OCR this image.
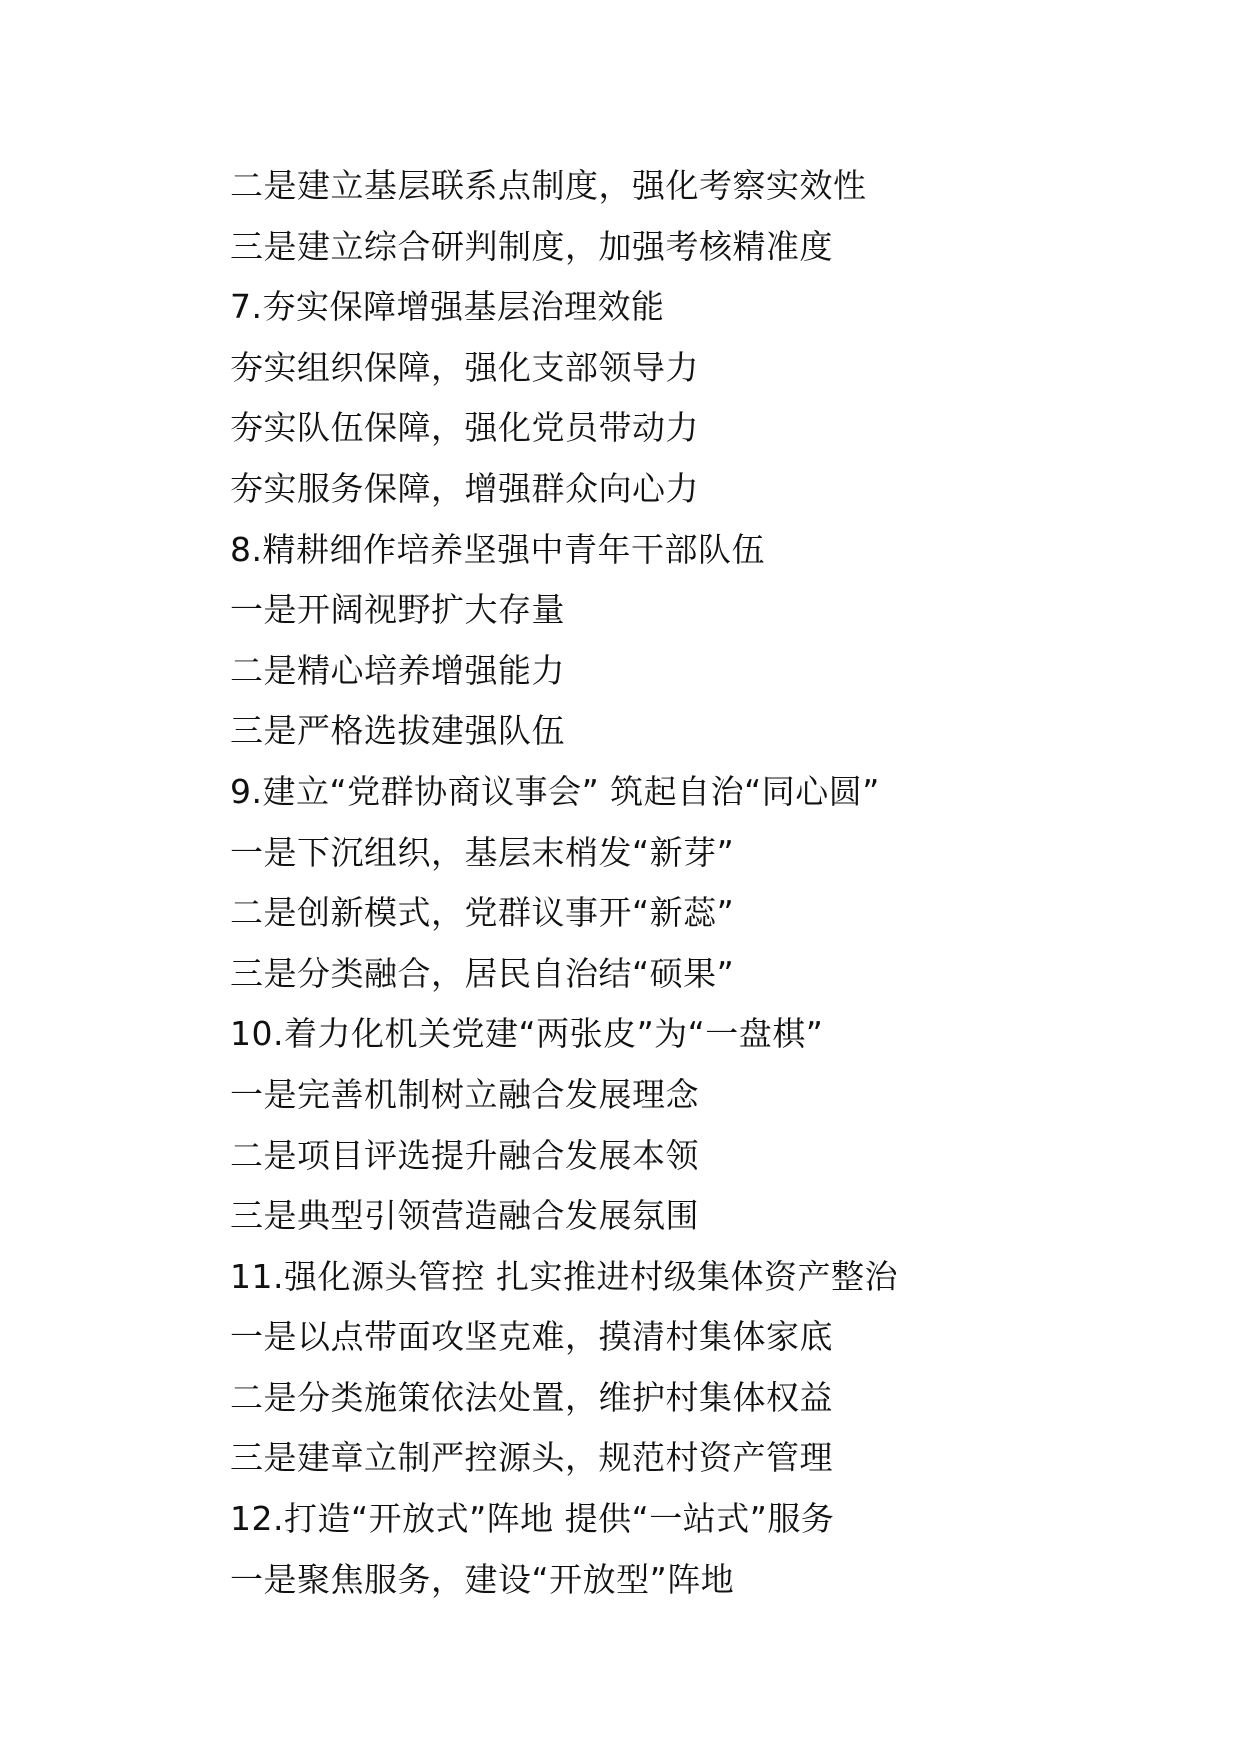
二是建立基层联系点制度，强化考察实效性
三是建立综合研判制度，加强考核精准度
7.夯实保障增强基层治理效能
夯实组织保障，强化支部领导力
夯实队伍保障，强化党员带动力
夯实服务保障，增强群众向心力
8.精耕细作培养坚强中青年干部队伍
一是开阔视野扩大存量
二是精心培养增强能力
三是严格选拔建强队伍
9.建立“党群协商议事会” 筑起自治“同心圆”
一是下沉组织，基层末梢发“新芽”
二是创新模式，党群议事开“新蕊”
三是分类融合，居民自治结“硕果”
10.着力化机关党建“两张皮”为“一盘棋”
一是完善机制树立融合发展理念
二是项目评选提升融合发展本领
三是典型引领营造融合发展氛围
11.强化源头管控 扎实推进村级集体资产整治
一是以点带面攻坚克难，摸清村集体家底
二是分类施策依法处置，维护村集体权益
三是建章立制严控源头，规范村资产管理
12.打造“开放式”阵地 提供“一站式”服务
一是聚焦服务，建设“开放型”阵地
